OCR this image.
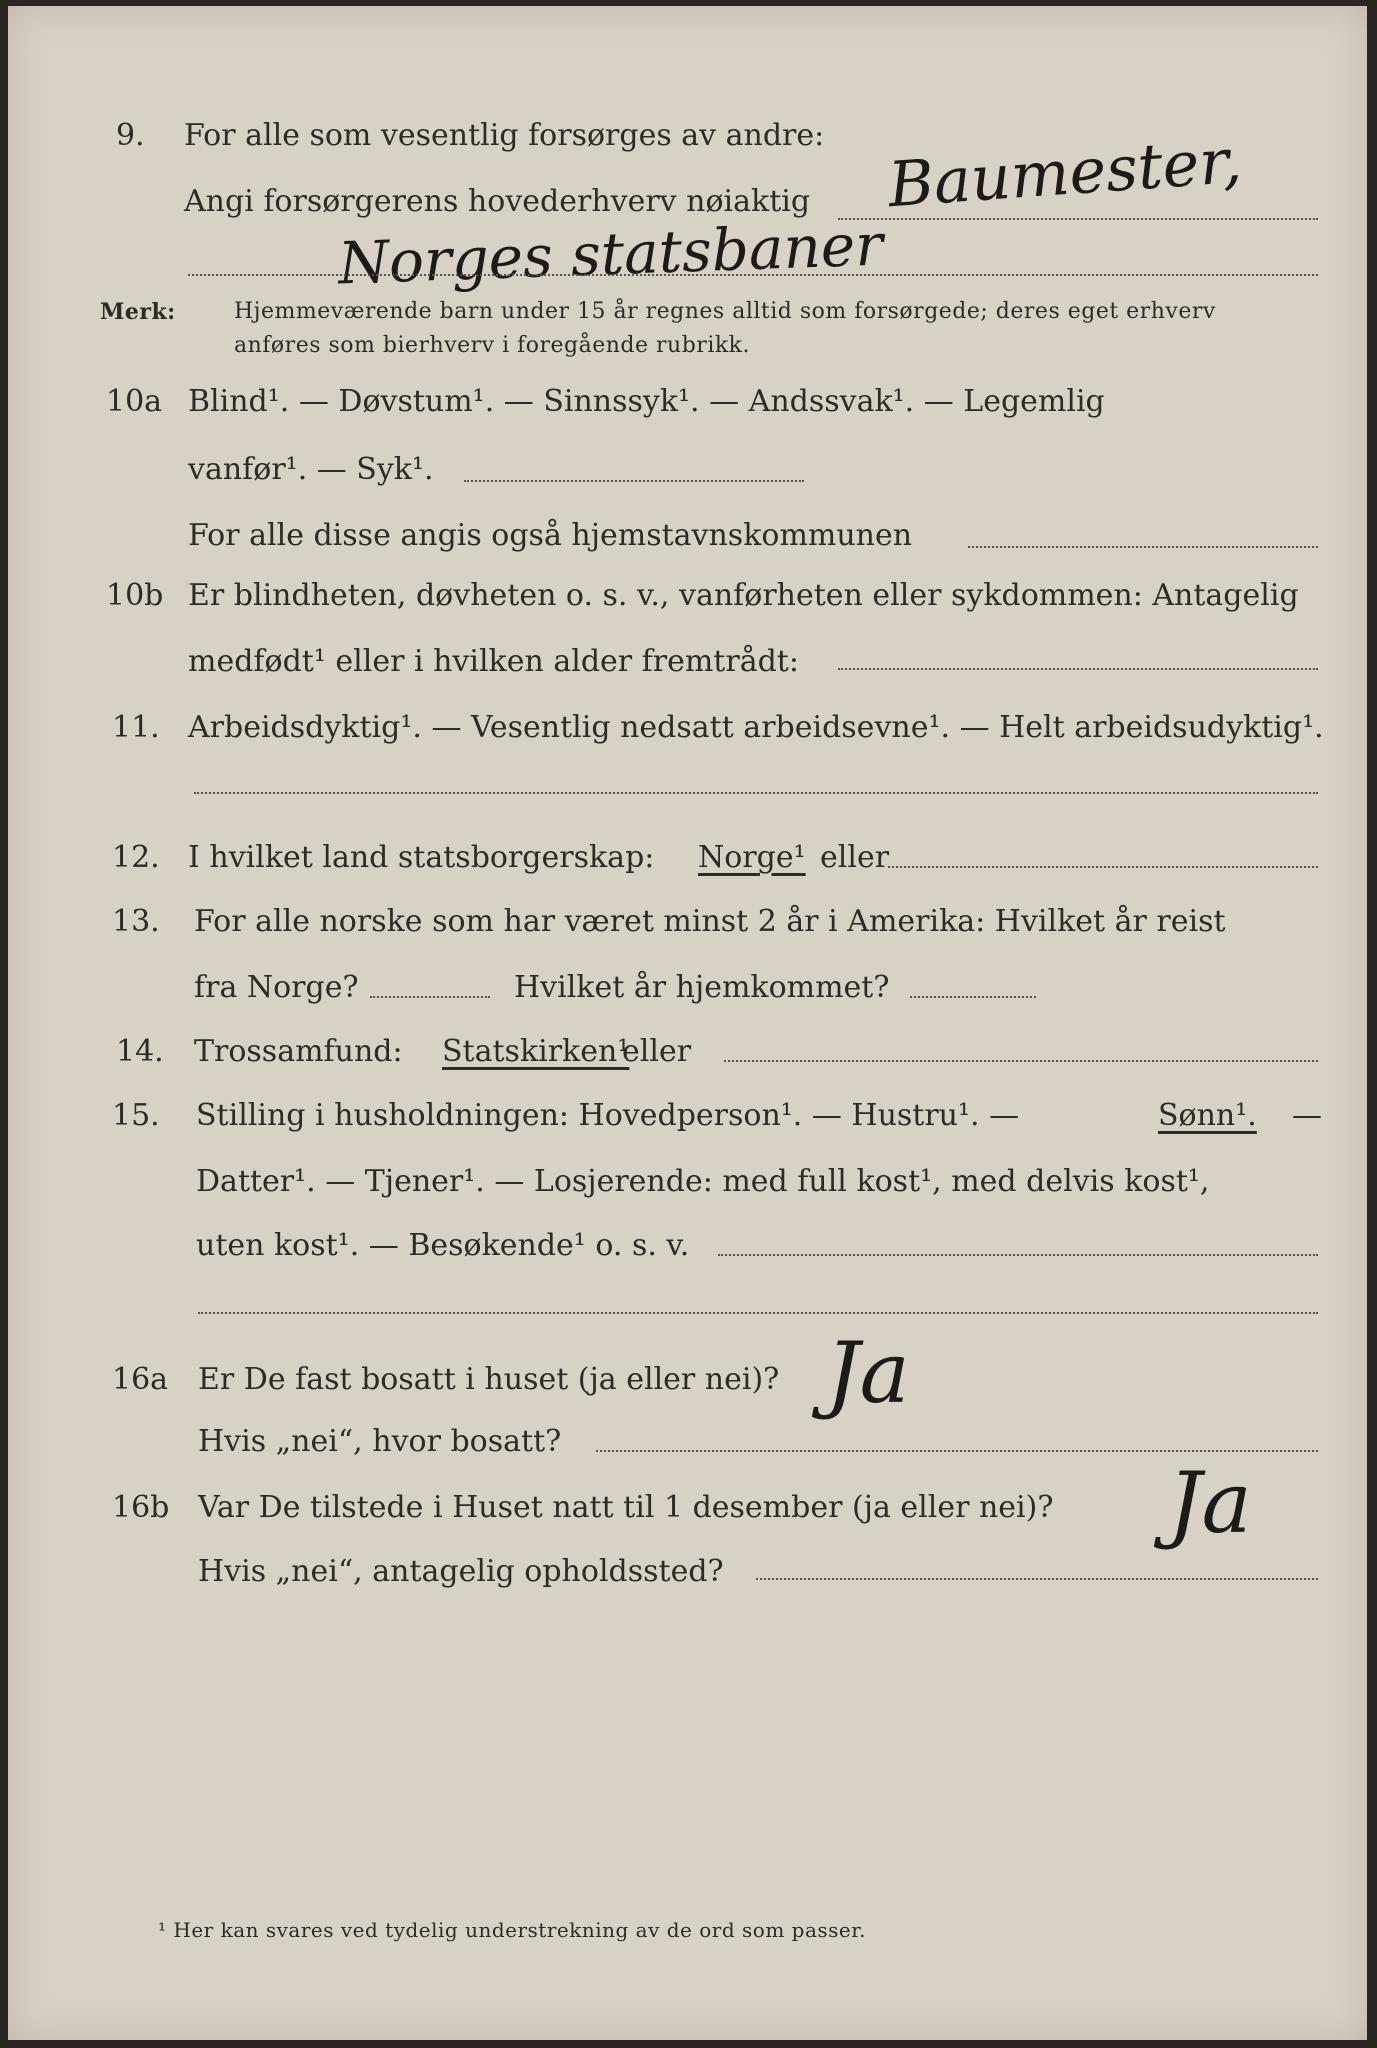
9. For alle som vesentlig forsørges av andre:
Angi forsørgerens hovederhverv nøiaktig Baumester,
Norges statsbaner
Merk:	Hjemmeværende barn under 15 år regnes alltid som forsørgede; deres eget erhverv
anføres som bierhverv i foregående rubrikk.
10a Blind¹. — Døvstum¹. — Sinnssyk¹. — Andssvak¹. — Legemlig
vanfør¹. — Syk¹.
For alle disse angis også hjemstavnskommunen
10b Er blindheten, døvheten o. s. v., vanførheten eller sykdommen: Antagelig
medfødt¹ eller i hvilken alder fremtrådt:
11. Arbeidsdyktig¹. — Vesentlig nedsatt arbeidsevne¹. — Helt arbeidsudyktig¹.
12. I hvilket land statsborgerskap: Norge¹ eller
13. For alle norske som har været minst 2 år i Amerika: Hvilket år reist
fra Norge?	Hvilket år hjemkommet?
14. Trossamfund: Statskirken¹
eller
15. Stilling i husholdningen: Hovedperson¹. — Hustru¹. —	Sønn¹. —
Datter¹. — Tjener¹. — Losjerende: med full kost¹, med delvis kost¹,
uten kost¹. — Besøkende¹ o. s. v.
16a Er De fast bosatt i huset (ja eller nei)? Ja
Hvis „nei“, hvor bosatt?
16b Var De tilstede i Huset natt til 1 desember (ja eller nei)? Ja
Hvis „nei“, antagelig opholdssted?
¹ Her kan svares ved tydelig understrekning av de ord som passer.
